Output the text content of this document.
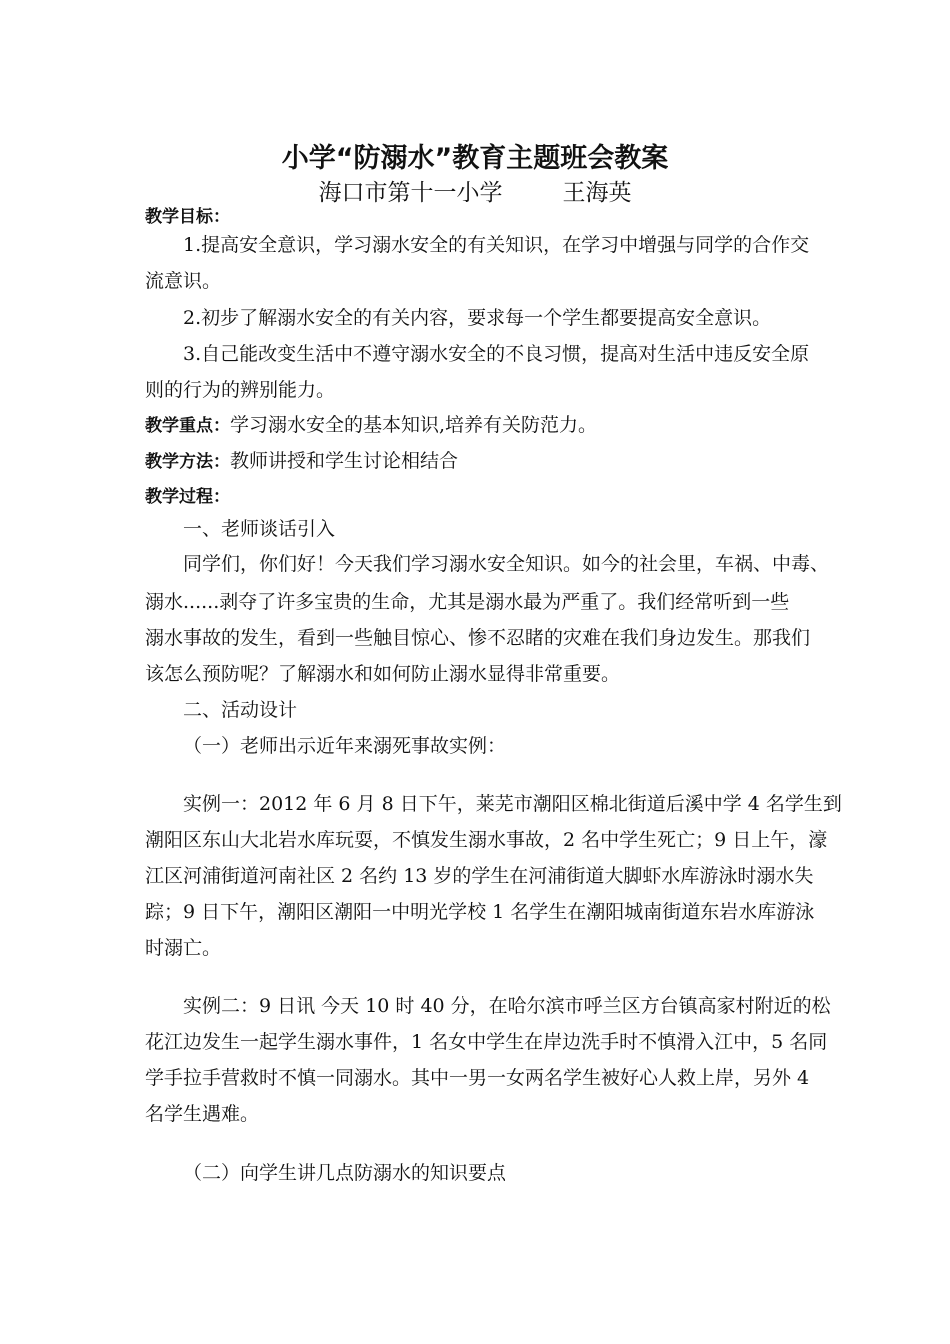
小学“防溺水”教育主题班会教案
海口市第十一小学	王海英
教学目标：
1.提高安全意识，学习溺水安全的有关知识，在学习中增强与同学的合作交
流意识。
2.初步了解溺水安全的有关内容，要求每一个学生都要提高安全意识。
3.自己能改变生活中不遵守溺水安全的不良习惯，提高对生活中违反安全原
则的行为的辨别能力。
教学重点：学习溺水安全的基本知识,培养有关防范力。
教学方法：教师讲授和学生讨论相结合
教学过程：
一、老师谈话引入
同学们，你们好！今天我们学习溺水安全知识。如今的社会里，车祸、中毒、
溺水......剥夺了许多宝贵的生命，尤其是溺水最为严重了。我们经常听到一些
溺水事故的发生，看到一些触目惊心、惨不忍睹的灾难在我们身边发生。那我们
该怎么预防呢？了解溺水和如何防止溺水显得非常重要。
二、活动设计
（一）老师出示近年来溺死事故实例：
实例一：2012 年 6 月 8 日下午，莱芜市潮阳区棉北街道后溪中学 4 名学生到
潮阳区东山大北岩水库玩耍，不慎发生溺水事故，2 名中学生死亡；9 日上午，濠
江区河浦街道河南社区 2 名约 13 岁的学生在河浦街道大脚虾水库游泳时溺水失
踪；9 日下午，潮阳区潮阳一中明光学校 1 名学生在潮阳城南街道东岩水库游泳
时溺亡。
实例二：9 日讯 今天 10 时 40 分，在哈尔滨市呼兰区方台镇高家村附近的松
花江边发生一起学生溺水事件，1 名女中学生在岸边洗手时不慎滑入江中，5 名同
学手拉手营救时不慎一同溺水。其中一男一女两名学生被好心人救上岸，另外 4
名学生遇难。
（二）向学生讲几点防溺水的知识要点
